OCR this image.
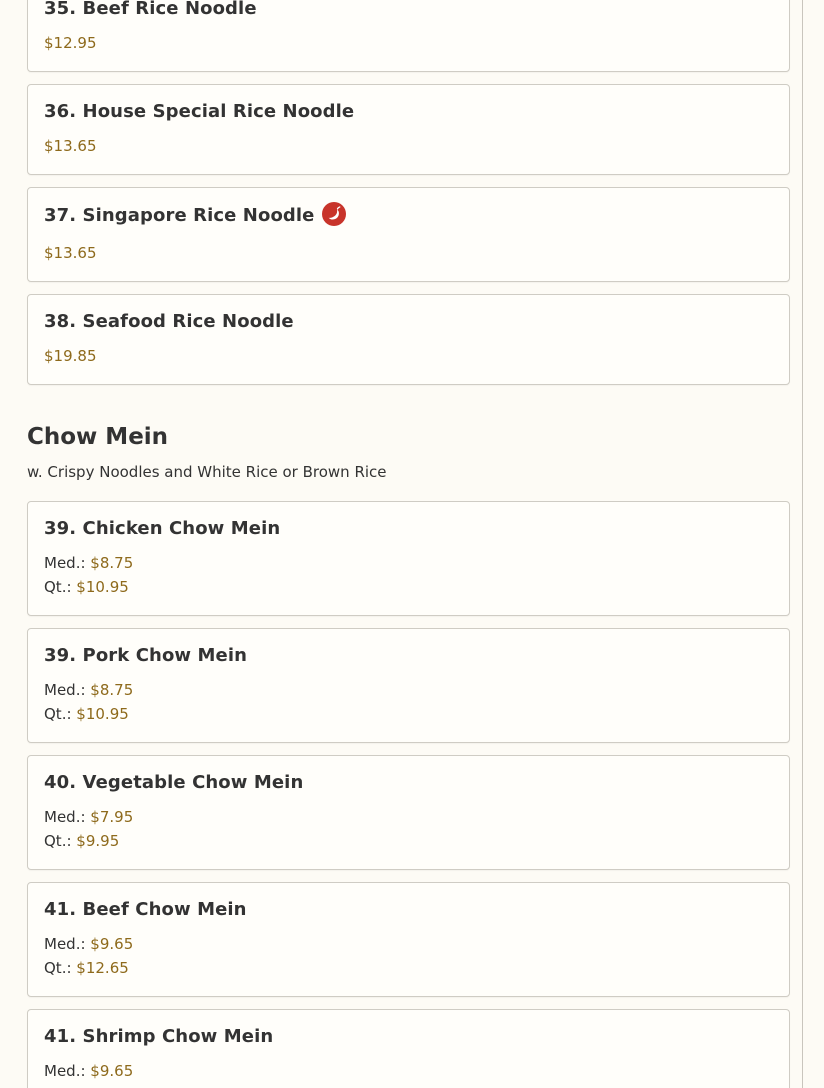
35. Beef Rice Noodle
$12.95
36. House Special Rice Noodle
$13.65
37. Singapore Rice Noodle
$13.65
38. Seafood Rice Noodle
$19.85
Chow Mein
w. Crispy Noodles and White Rice or Brown Rice
39. Chicken Chow Mein
Med.: $8.75
Qt.: $10.95
39. Pork Chow Mein
Med.: $8.75
Qt.: $10.95
40. Vegetable Chow Mein
Med.: $7.95
Qt.: $9.95
41. Beef Chow Mein
Med.: $9.65
Qt.: $12.65
41. Shrimp Chow Mein
Med.: $9.65
